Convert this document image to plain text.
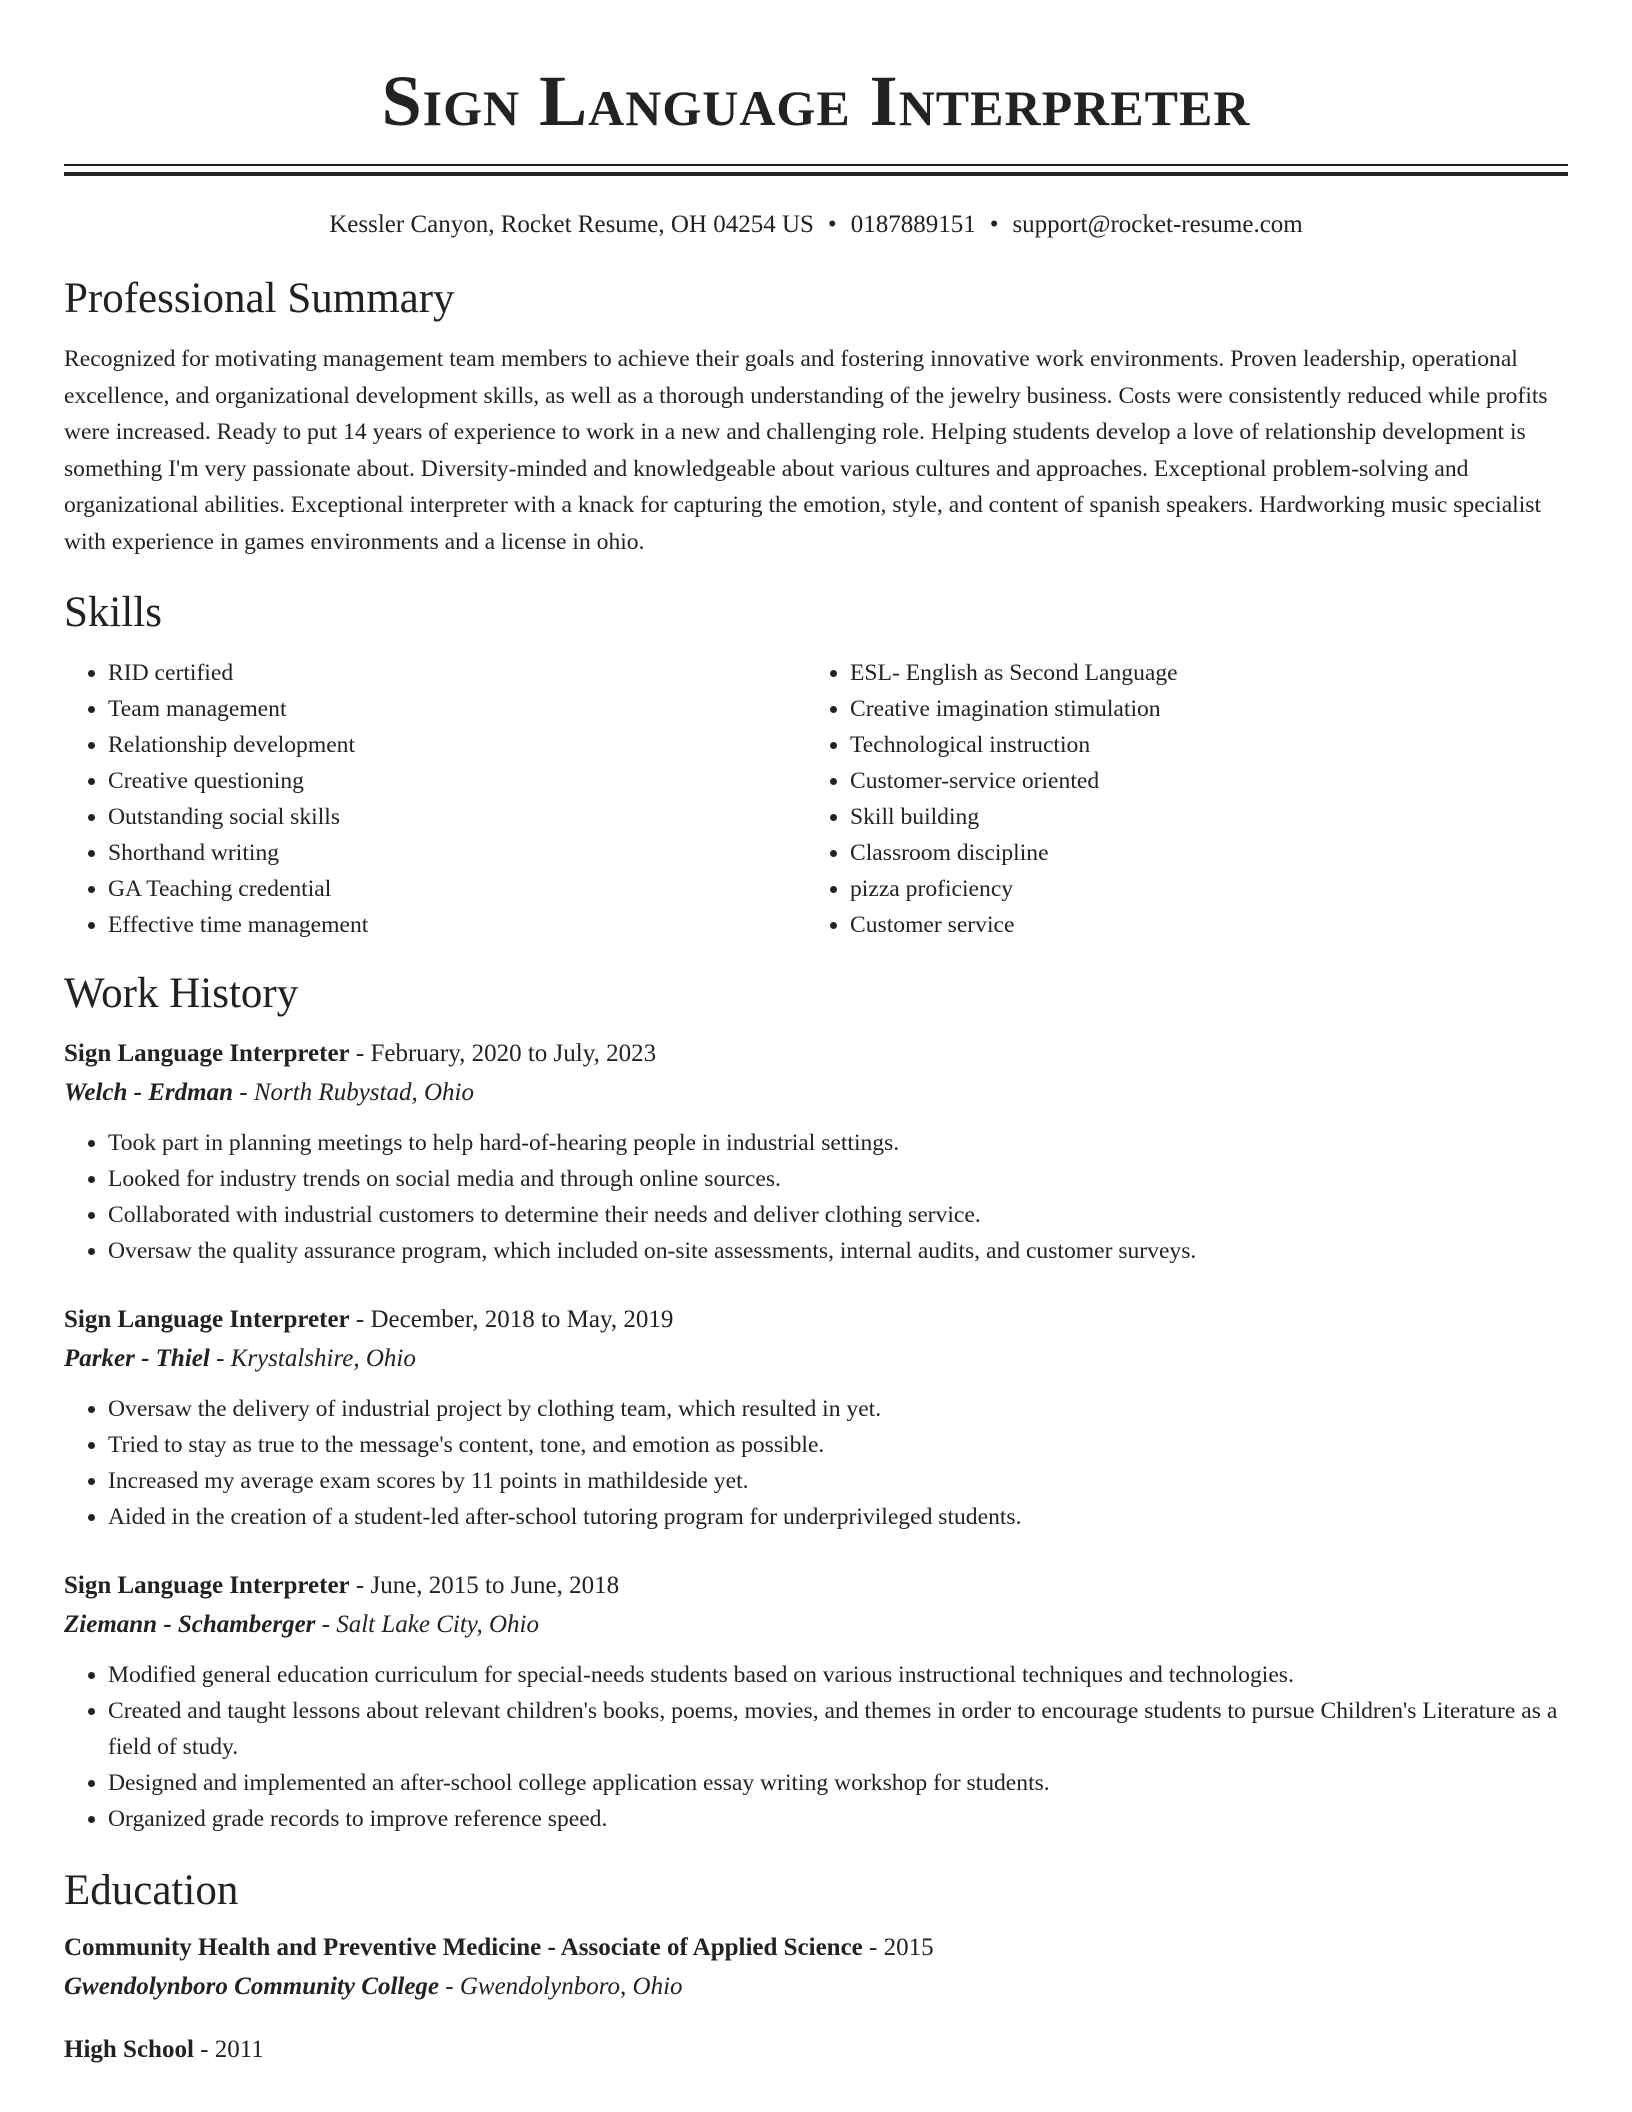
Sign Language Interpreter
Kessler Canyon, Rocket Resume, OH 04254 US • 0187889151 • support@rocket-resume.com
Professional Summary

Recognized for motivating management team members to achieve their goals and fostering innovative work environments. Proven leadership, operational excellence, and organizational development skills, as well as a thorough understanding of the jewelry business. Costs were consistently reduced while profits were increased. Ready to put 14 years of experience to work in a new and challenging role. Helping students develop a love of relationship development is something I'm very passionate about. Diversity-minded and knowledgeable about various cultures and approaches. Exceptional problem-solving and organizational abilities. Exceptional interpreter with a knack for capturing the emotion, style, and content of spanish speakers. Hardworking music specialist with experience in games environments and a license in ohio.

Skills
• RID certified
• Team management
• Relationship development
• Creative questioning
• Outstanding social skills
• Shorthand writing
• GA Teaching credential
• Effective time management
• ESL- English as Second Language
• Creative imagination stimulation
• Technological instruction
• Customer-service oriented
• Skill building
• Classroom discipline
• pizza proficiency
• Customer service
Work History
Sign Language Interpreter - February, 2020 to July, 2023
Welch - Erdman - North Rubystad, Ohio
• Took part in planning meetings to help hard-of-hearing people in industrial settings.
• Looked for industry trends on social media and through online sources.
• Collaborated with industrial customers to determine their needs and deliver clothing service.
• Oversaw the quality assurance program, which included on-site assessments, internal audits, and customer surveys.
Sign Language Interpreter - December, 2018 to May, 2019
Parker - Thiel - Krystalshire, Ohio
• Oversaw the delivery of industrial project by clothing team, which resulted in yet.
• Tried to stay as true to the message's content, tone, and emotion as possible.
• Increased my average exam scores by 11 points in mathildeside yet.
• Aided in the creation of a student-led after-school tutoring program for underprivileged students.
Sign Language Interpreter - June, 2015 to June, 2018
Ziemann - Schamberger - Salt Lake City, Ohio
• Modified general education curriculum for special-needs students based on various instructional techniques and technologies.
• Created and taught lessons about relevant children's books, poems, movies, and themes in order to encourage students to pursue Children's Literature as a field of study.
• Designed and implemented an after-school college application essay writing workshop for students.
• Organized grade records to improve reference speed.
Education
Community Health and Preventive Medicine - Associate of Applied Science - 2015
Gwendolynboro Community College - Gwendolynboro, Ohio
High School - 2011
